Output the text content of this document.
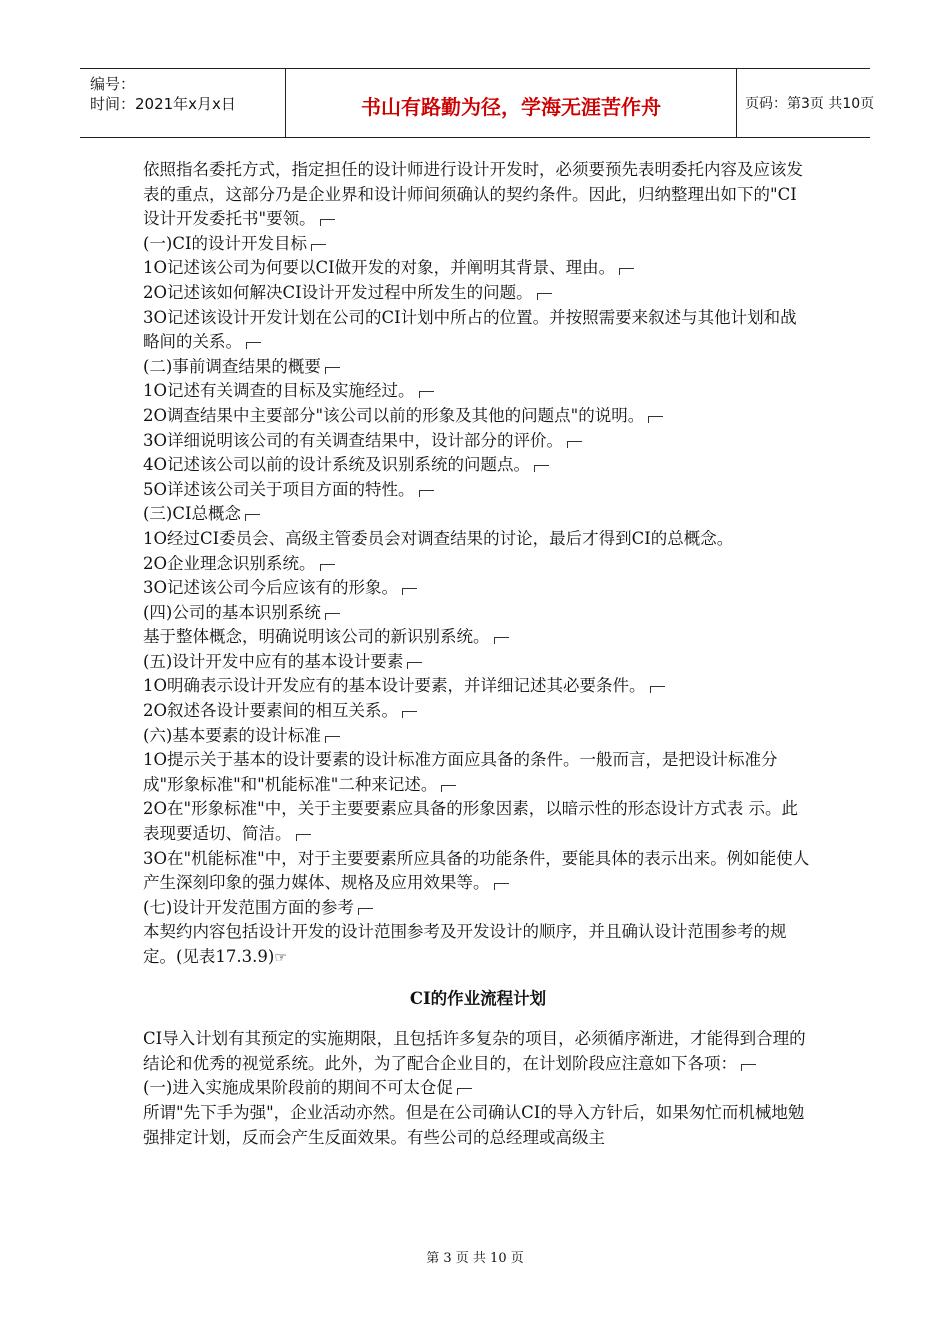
编号：
时间：2021年x月x日	书山有路勤为径，学海无涯苦作舟	页码：第3页 共10页

依照指名委托方式，指定担任的设计师进行设计开发时，必须要预先表明委托内容及应该发表的重点，这部分乃是企业界和设计师间须确认的契约条件。因此，归纳整理出如下的"CI设计开发委托书"要领。

(一)CI的设计开发目标

1O记述该公司为何要以CI做开发的对象，并阐明其背景、理由。

2O记述该如何解决CI设计开发过程中所发生的问题。

3O记述该设计开发计划在公司的CI计划中所占的位置。并按照需要来叙述与其他计划和战略间的关系。

(二)事前调查结果的概要

1O记述有关调查的目标及实施经过。

2O调查结果中主要部分"该公司以前的形象及其他的问题点"的说明。

3O详细说明该公司的有关调查结果中，设计部分的评价。

4O记述该公司以前的设计系统及识别系统的问题点。

5O详述该公司关于项目方面的特性。

(三)CI总概念

1O经过CI委员会、高级主管委员会对调查结果的讨论，最后才得到CI的总概念。

2O企业理念识别系统。

3O记述该公司今后应该有的形象。

(四)公司的基本识别系统

基于整体概念，明确说明该公司的新识别系统。

(五)设计开发中应有的基本设计要素

1O明确表示设计开发应有的基本设计要素，并详细记述其必要条件。

2O叙述各设计要素间的相互关系。

(六)基本要素的设计标准

1O提示关于基本的设计要素的设计标准方面应具备的条件。一般而言，是把设计标准分成"形象标准"和"机能标准"二种来记述。

2O在"形象标准"中，关于主要要素应具备的形象因素，以暗示性的形态设计方式表 示。此表现要适切、简洁。

3O在"机能标准"中，对于主要要素所应具备的功能条件，要能具体的表示出来。例如能使人产生深刻印象的强力媒体、规格及应用效果等。

(七)设计开发范围方面的参考

本契约内容包括设计开发的设计范围参考及开发设计的顺序，并且确认设计范围参考的规定。(见表17.3.9)☞

CI的作业流程计划

CI导入计划有其预定的实施期限，且包括许多复杂的项目，必须循序渐进，才能得到合理的结论和优秀的视觉系统。此外，为了配合企业目的，在计划阶段应注意如下各项：

(一)进入实施成果阶段前的期间不可太仓促

所谓"先下手为强"，企业活动亦然。但是在公司确认CI的导入方针后，如果匆忙而机械地勉强排定计划，反而会产生反面效果。有些公司的总经理或高级主

第 3 页 共 10 页
